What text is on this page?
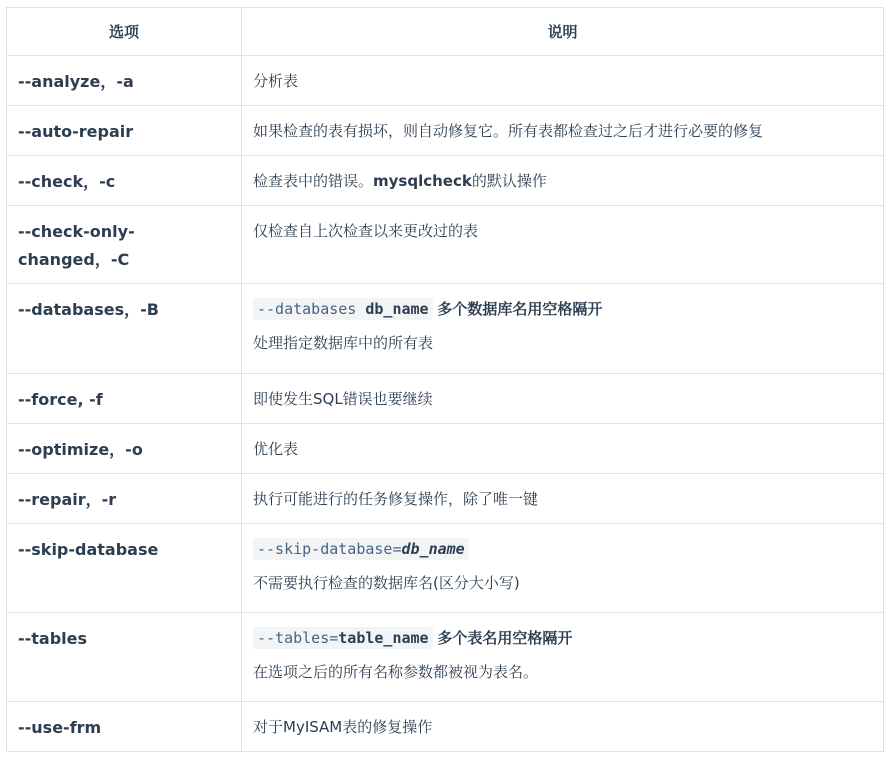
选项	说明
--analyze，-a	分析表
--auto-repair	如果检查的表有损坏，则自动修复它。所有表都检查过之后才进行必要的修复
--check，-c	检查表中的错误。mysqlcheck的默认操作
--check-only-changed，-C	仅检查自上次检查以来更改过的表
--databases，-B	--databases db_name 多个数据库名用空格隔开
处理指定数据库中的所有表

--force, -f	即使发生SQL错误也要继续
--optimize，-o	优化表
--repair，-r	执行可能进行的任务修复操作，除了唯一键
--skip-database	--skip-database=db_name
不需要执行检查的数据库名(区分大小写)

--tables	--tables=table_name 多个表名用空格隔开
在选项之后的所有名称参数都被视为表名。

--use-frm	对于MyISAM表的修复操作
